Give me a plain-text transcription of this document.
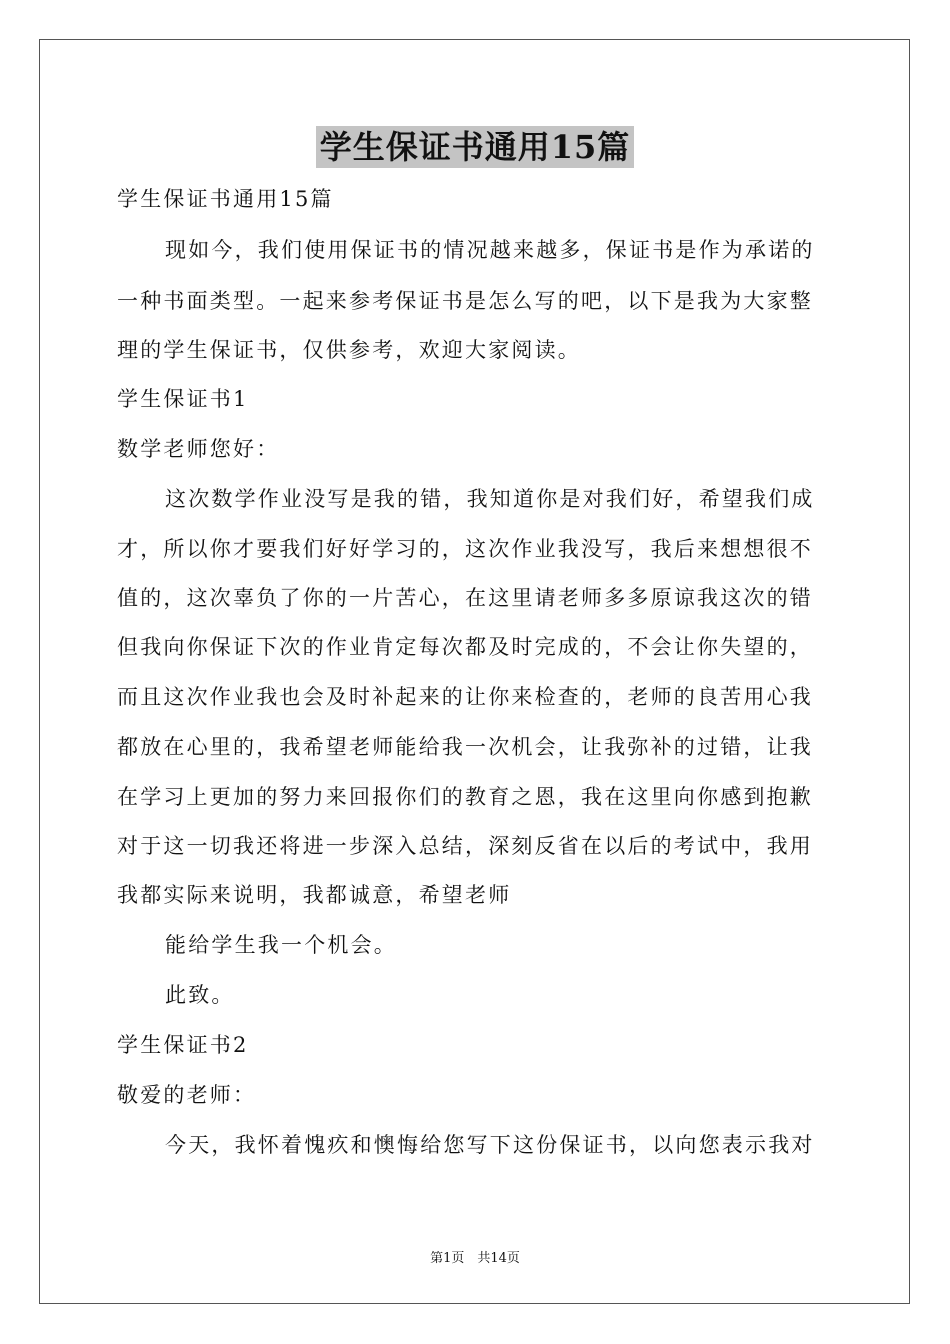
学生保证书通用15篇
学生保证书通用15篇
现如今，我们使用保证书的情况越来越多，保证书是作为承诺的
一种书面类型。一起来参考保证书是怎么写的吧，以下是我为大家整
理的学生保证书，仅供参考，欢迎大家阅读。
学生保证书1
数学老师您好：
这次数学作业没写是我的错，我知道你是对我们好，希望我们成
才，所以你才要我们好好学习的，这次作业我没写，我后来想想很不
值的，这次辜负了你的一片苦心，在这里请老师多多原谅我这次的错
但我向你保证下次的作业肯定每次都及时完成的，不会让你失望的，
而且这次作业我也会及时补起来的让你来检查的，老师的良苦用心我
都放在心里的，我希望老师能给我一次机会，让我弥补的过错，让我
在学习上更加的努力来回报你们的教育之恩，我在这里向你感到抱歉
对于这一切我还将进一步深入总结，深刻反省在以后的考试中，我用
我都实际来说明，我都诚意，希望老师
能给学生我一个机会。
此致。
学生保证书2
敬爱的老师：
今天，我怀着愧疚和懊悔给您写下这份保证书，以向您表示我对
第1页　共14页
